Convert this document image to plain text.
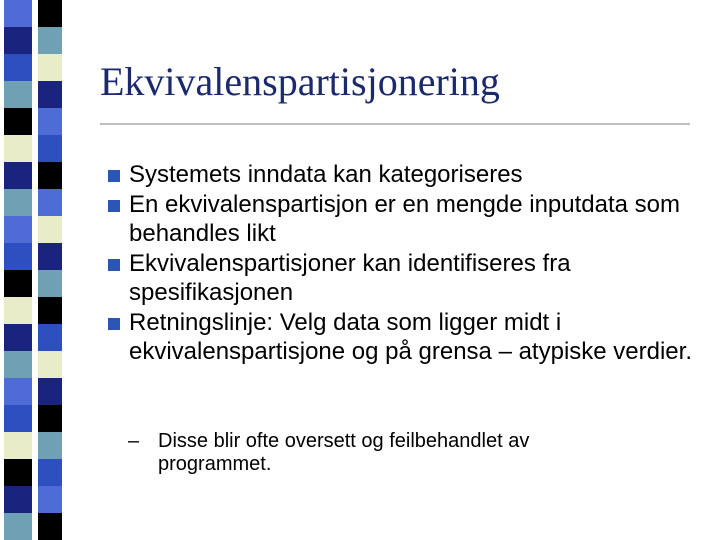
Ekvivalenspartisjonering
Systemets inndata kan kategoriseres
En ekvivalenspartisjon er en mengde inputdata som behandles likt
Ekvivalenspartisjoner kan identifiseres fra spesifikasjonen
Retningslinje: Velg data som ligger midt i ekvivalenspartisjone og på grensa – atypiske verdier.
– Disse blir ofte oversett og feilbehandlet av programmet.
